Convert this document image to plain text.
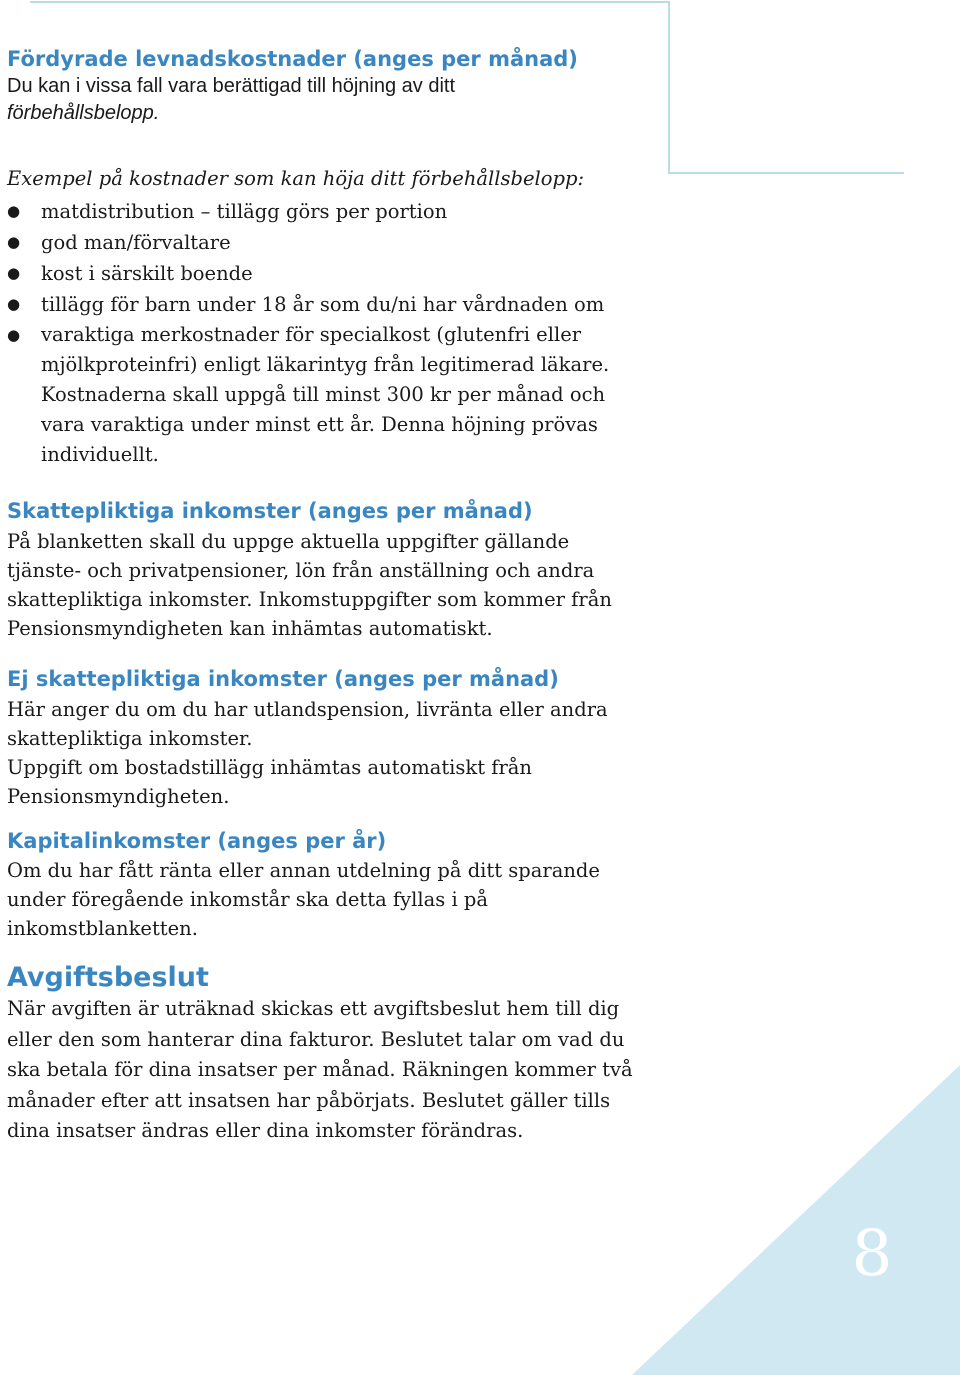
8
Fördyrade levnadskostnader (anges per månad)

Du kan i vissa fall vara berättigad till höjning av ditt
förbehållsbelopp.

Exempel på kostnader som kan höja ditt förbehållsbelopp:

● matdistribution – tillägg görs per portion
● god man/förvaltare
● kost i särskilt boende
● tillägg för barn under 18 år som du/ni har vårdnaden om
● varaktiga merkostnader för specialkost (glutenfri eller
mjölkproteinfri) enligt läkarintyg från legitimerad läkare.
Kostnaderna skall uppgå till minst 300 kr per månad och
vara varaktiga under minst ett år. Denna höjning prövas
individuellt.
Skattepliktiga inkomster (anges per månad)

På blanketten skall du uppge aktuella uppgifter gällande
tjänste- och privatpensioner, lön från anställning och andra
skattepliktiga inkomster. Inkomstuppgifter som kommer från
Pensionsmyndigheten kan inhämtas automatiskt.

Ej skattepliktiga inkomster (anges per månad)

Här anger du om du har utlandspension, livränta eller andra
skattepliktiga inkomster.
Uppgift om bostadstillägg inhämtas automatiskt från
Pensionsmyndigheten.

Kapitalinkomster (anges per år)

Om du har fått ränta eller annan utdelning på ditt sparande
under föregående inkomstår ska detta fyllas i på
inkomstblanketten.

Avgiftsbeslut

När avgiften är uträknad skickas ett avgiftsbeslut hem till dig
eller den som hanterar dina fakturor. Beslutet talar om vad du
ska betala för dina insatser per månad. Räkningen kommer två
månader efter att insatsen har påbörjats. Beslutet gäller tills
dina insatser ändras eller dina inkomster förändras.
